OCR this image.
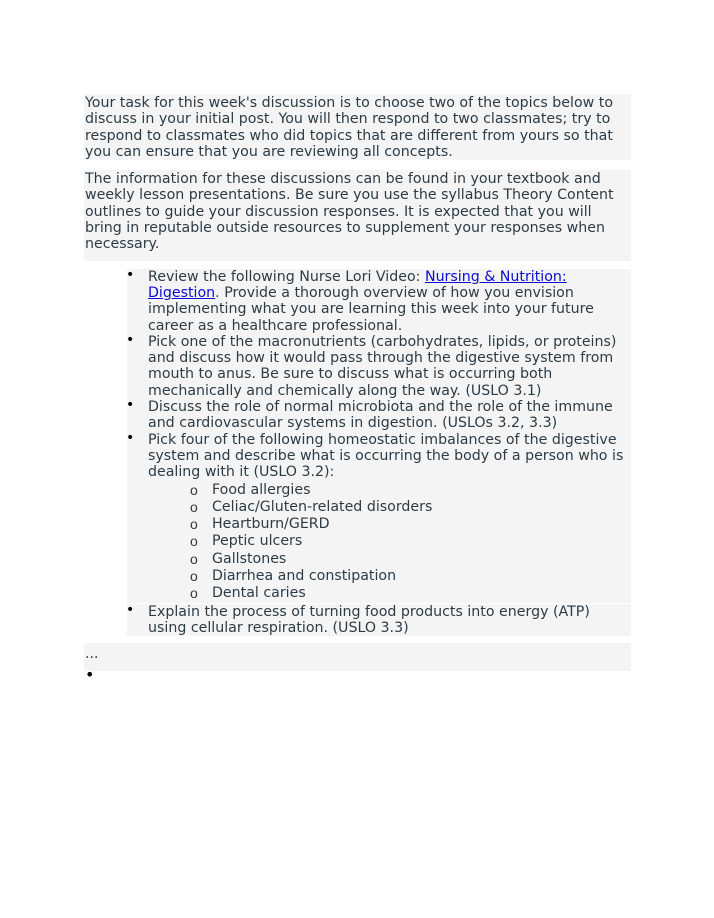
Your task for this week's discussion is to choose two of the topics below to discuss in your initial post. You will then respond to two classmates; try to respond to classmates who did topics that are different from yours so that you can ensure that you are reviewing all concepts.

The information for these discussions can be found in your textbook and weekly lesson presentations. Be sure you use the syllabus Theory Content outlines to guide your discussion responses. It is expected that you will bring in reputable outside resources to supplement your responses when necessary.

• Review the following Nurse Lori Video: Nursing & Nutrition: Digestion. Provide a thorough overview of how you envision implementing what you are learning this week into your future career as a healthcare professional.
• Pick one of the macronutrients (carbohydrates, lipids, or proteins) and discuss how it would pass through the digestive system from mouth to anus. Be sure to discuss what is occurring both mechanically and chemically along the way. (USLO 3.1)
• Discuss the role of normal microbiota and the role of the immune and cardiovascular systems in digestion. (USLOs 3.2, 3.3)
• Pick four of the following homeostatic imbalances of the digestive system and describe what is occurring the body of a person who is dealing with it (USLO 3.2):
o Food allergies
o Celiac/Gluten-related disorders
o Heartburn/GERD
o Peptic ulcers
o Gallstones
o Diarrhea and constipation
o Dental caries
• Explain the process of turning food products into energy (ATP) using cellular respiration. (USLO 3.3)
...
•
